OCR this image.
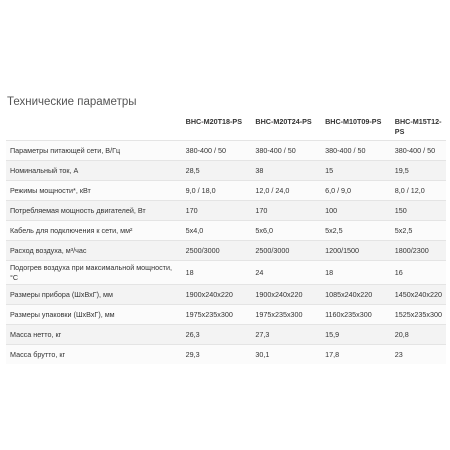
Технические параметры
	BHC-M20T18-PS	BHC-M20T24-PS	BHC-M10T09-PS	BHC-M15T12-PS
Параметры питающей сети, В/Гц	380-400 / 50	380-400 / 50	380-400 / 50	380-400 / 50
Номинальный ток, А	28,5	38	15	19,5
Режимы мощности*, кВт	9,0 / 18,0	12,0 / 24,0	6,0 / 9,0	8,0 / 12,0
Потребляемая мощность двигателей, Вт	170	170	100	150
Кабель для подключения к сети, мм²	5х4,0	5х6,0	5х2,5	5х2,5
Расход воздуха, м³/час	2500/3000	2500/3000	1200/1500	1800/2300
Подогрев воздуха при максимальной мощности, °С	18	24	18	16
Размеры прибора (ШхВхГ), мм	1900х240х220	1900х240х220	1085х240х220	1450х240х220
Размеры упаковки (ШхВхГ), мм	1975х235х300	1975х235х300	1160х235х300	1525х235х300
Масса нетто, кг	26,3	27,3	15,9	20,8
Масса брутто, кг	29,3	30,1	17,8	23
